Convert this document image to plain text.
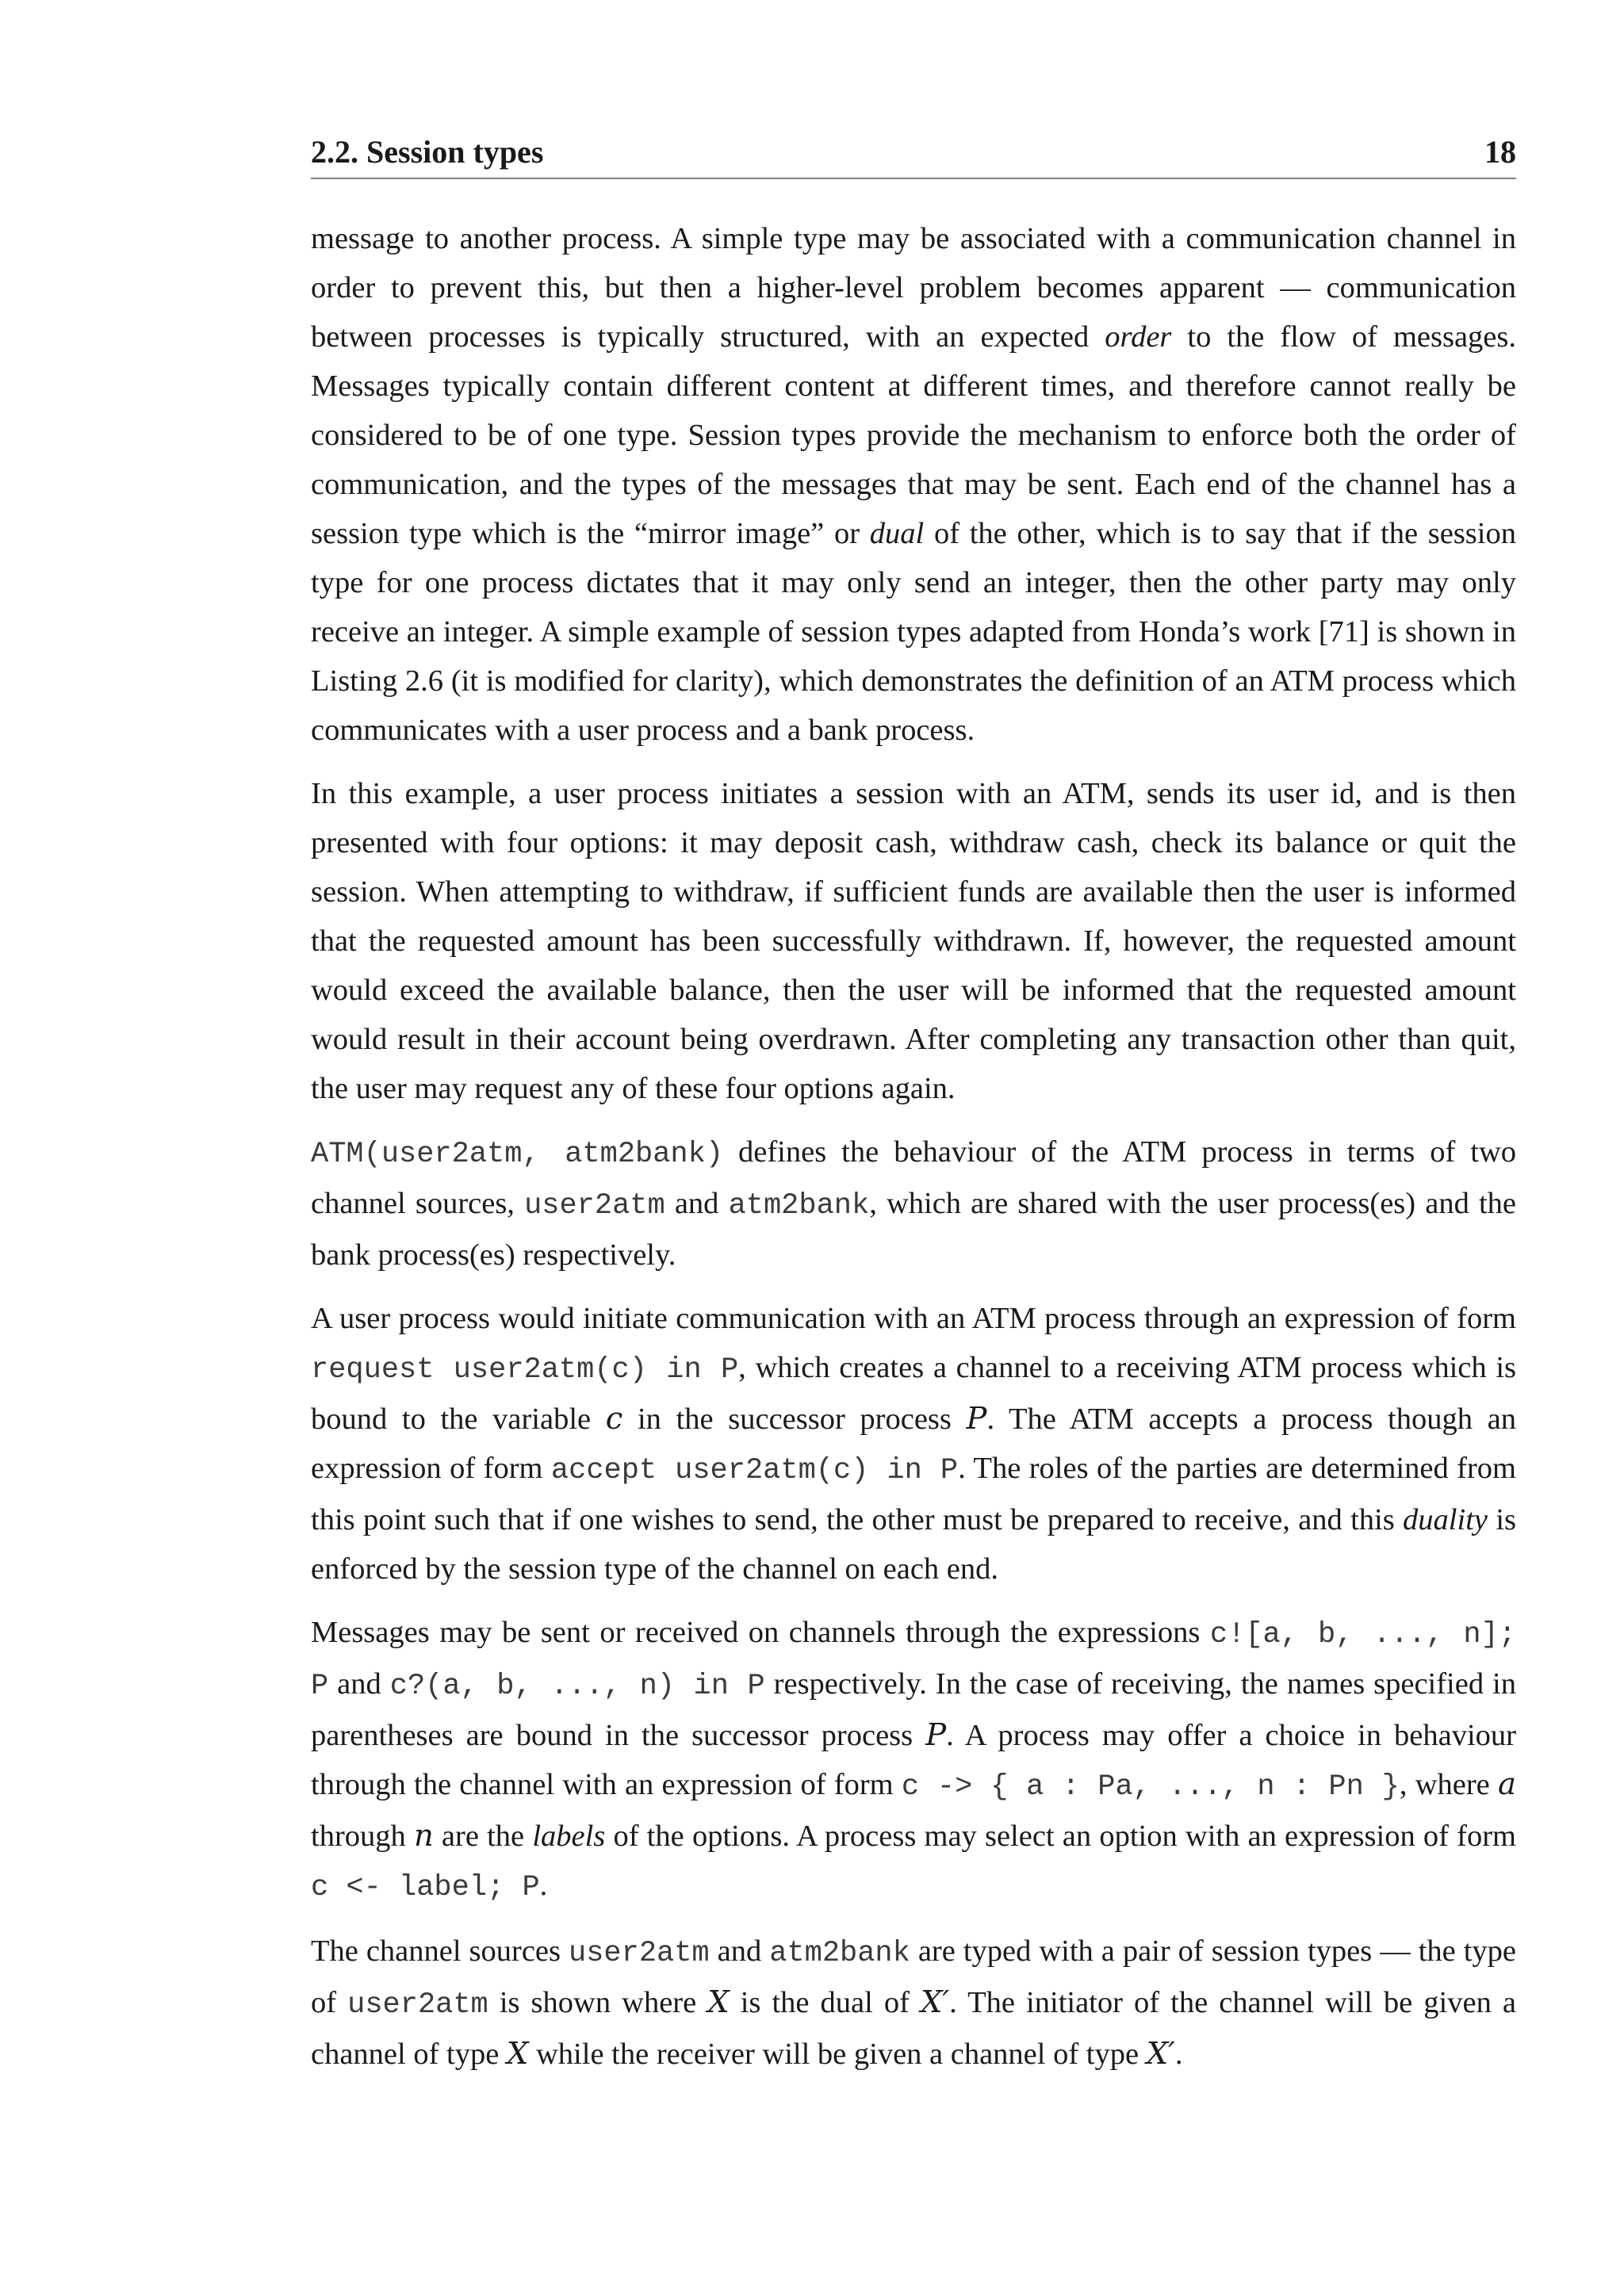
2.2. Session types	18

message to another process. A simple type may be associated with a communication channel in order to prevent this, but then a higher-level problem becomes apparent — communication between processes is typically structured, with an expected order to the flow of messages. Messages typically contain different content at different times, and therefore cannot really be considered to be of one type. Session types provide the mechanism to enforce both the order of communication, and the types of the messages that may be sent. Each end of the channel has a session type which is the “mirror image” or dual of the other, which is to say that if the session type for one process dictates that it may only send an integer, then the other party may only receive an integer. A simple example of session types adapted from Honda’s work [71] is shown in Listing 2.6 (it is modified for clarity), which demonstrates the definition of an ATM process which communicates with a user process and a bank process.

In this example, a user process initiates a session with an ATM, sends its user id, and is then presented with four options: it may deposit cash, withdraw cash, check its balance or quit the session. When attempting to withdraw, if sufficient funds are available then the user is informed that the requested amount has been successfully withdrawn. If, however, the requested amount would exceed the available balance, then the user will be informed that the requested amount would result in their account being overdrawn. After completing any transaction other than quit, the user may request any of these four options again.

ATM(user2atm, atm2bank) defines the behaviour of the ATM process in terms of two channel sources, user2atm and atm2bank, which are shared with the user process(es) and the bank process(es) respectively.

A user process would initiate communication with an ATM process through an expression of form request user2atm(c) in P, which creates a channel to a receiving ATM process which is bound to the variable c in the successor process P. The ATM accepts a process though an expression of form accept user2atm(c) in P. The roles of the parties are determined from this point such that if one wishes to send, the other must be prepared to receive, and this duality is enforced by the session type of the channel on each end.

Messages may be sent or received on channels through the expressions c![a, b, ..., n]; P and c?(a, b, ..., n) in P respectively. In the case of receiving, the names specified in parentheses are bound in the successor process P. A process may offer a choice in behaviour through the channel with an expression of form c -> { a : Pa, ..., n : Pn }, where a through n are the labels of the options. A process may select an option with an expression of form c <- label; P.

The channel sources user2atm and atm2bank are typed with a pair of session types — the type of user2atm is shown where X is the dual of X′. The initiator of the channel will be given a channel of type X while the receiver will be given a channel of type X′.
